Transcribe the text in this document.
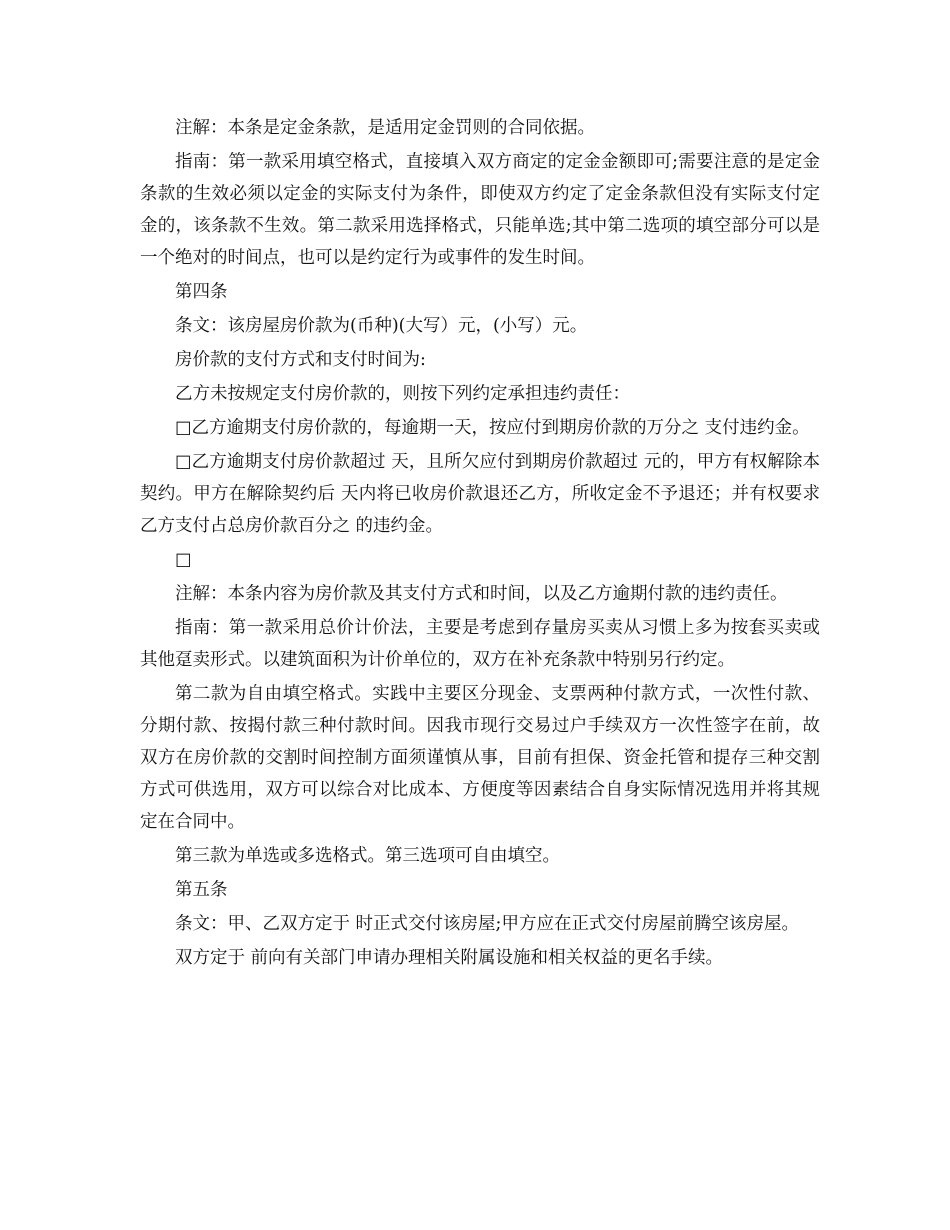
注解：本条是定金条款，是适用定金罚则的合同依据。

指南：第一款采用填空格式，直接填入双方商定的定金金额即可;需要注意的是定金条款的生效必须以定金的实际支付为条件，即使双方约定了定金条款但没有实际支付定金的，该条款不生效。第二款采用选择格式，只能单选;其中第二选项的填空部分可以是一个绝对的时间点，也可以是约定行为或事件的发生时间。

第四条

条文：该房屋房价款为(币种)(大写）元，(小写）元。

房价款的支付方式和支付时间为:

乙方未按规定支付房价款的，则按下列约定承担违约责任：

□乙方逾期支付房价款的，每逾期一天，按应付到期房价款的万分之 支付违约金。

□乙方逾期支付房价款超过 天，且所欠应付到期房价款超过 元的，甲方有权解除本契约。甲方在解除契约后 天内将已收房价款退还乙方，所收定金不予退还；并有权要求乙方支付占总房价款百分之 的违约金。

□

注解：本条内容为房价款及其支付方式和时间，以及乙方逾期付款的违约责任。

指南：第一款采用总价计价法，主要是考虑到存量房买卖从习惯上多为按套买卖或其他趸卖形式。以建筑面积为计价单位的，双方在补充条款中特别另行约定。

第二款为自由填空格式。实践中主要区分现金、支票两种付款方式，一次性付款、分期付款、按揭付款三种付款时间。因我市现行交易过户手续双方一次性签字在前，故双方在房价款的交割时间控制方面须谨慎从事，目前有担保、资金托管和提存三种交割方式可供选用，双方可以综合对比成本、方便度等因素结合自身实际情况选用并将其规定在合同中。

第三款为单选或多选格式。第三选项可自由填空。

第五条

条文：甲、乙双方定于 时正式交付该房屋;甲方应在正式交付房屋前腾空该房屋。

双方定于 前向有关部门申请办理相关附属设施和相关权益的更名手续。
